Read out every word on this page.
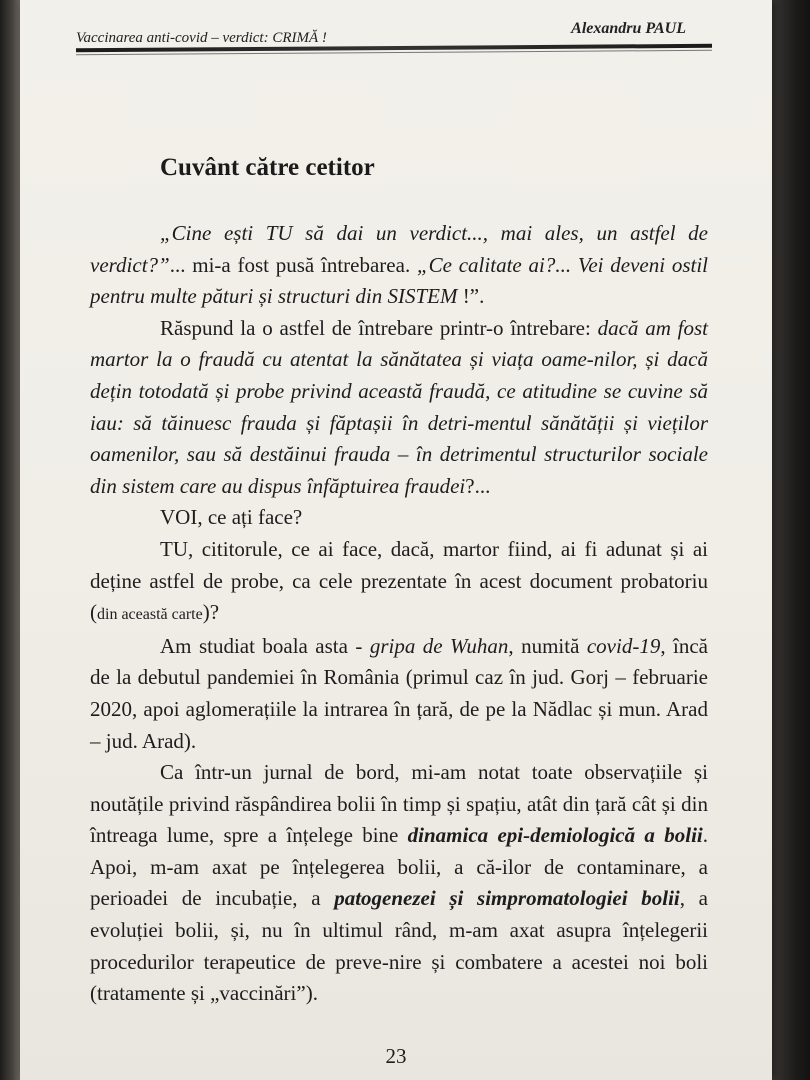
Vaccinarea anti-covid – verdict: CRIMĂ !
Alexandru PAUL
Cuvânt către cetitor

„Cine ești TU să dai un verdict..., mai ales, un astfel de verdict?”... mi-a fost pusă întrebarea. „Ce calitate ai?... Vei deveni ostil pentru multe pături și structuri din SISTEM !”.

Răspund la o astfel de întrebare printr-o întrebare: dacă am fost martor la o fraudă cu atentat la sănătatea și viața oame-nilor, și dacă dețin totodată și probe privind această fraudă, ce atitudine se cuvine să iau: să tăinuesc frauda și făptașii în detri-mentul sănătății și vieților oamenilor, sau să destăinui frauda – în detrimentul structurilor sociale din sistem care au dispus înfăptuirea fraudei?...

VOI, ce ați face?

TU, cititorule, ce ai face, dacă, martor fiind, ai fi adunat și ai deține astfel de probe, ca cele prezentate în acest document probatoriu (din această carte)?

Am studiat boala asta - gripa de Wuhan, numită covid-19, încă de la debutul pandemiei în România (primul caz în jud. Gorj – februarie 2020, apoi aglomerațiile la intrarea în țară, de pe la Nădlac și mun. Arad – jud. Arad).

Ca într-un jurnal de bord, mi-am notat toate observațiile și noutățile privind răspândirea bolii în timp și spațiu, atât din țară cât și din întreaga lume, spre a înțelege bine dinamica epi-demiologică a bolii. Apoi, m-am axat pe înțelegerea bolii, a că-ilor de contaminare, a perioadei de incubație, a patogenezei și simpromatologiei bolii, a evoluției bolii, și, nu în ultimul rând, m-am axat asupra înțelegerii procedurilor terapeutice de preve-nire și combatere a acestei noi boli (tratamente și „vaccinări”).

23
